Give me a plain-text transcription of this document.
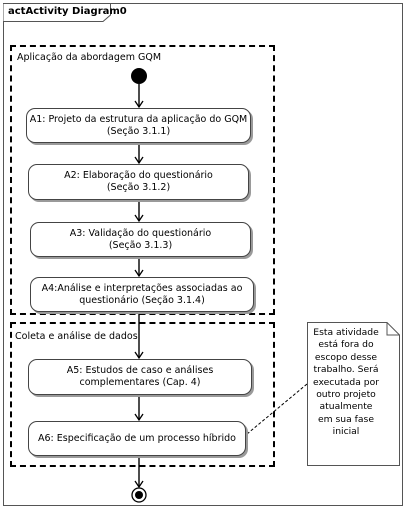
actActivity Diagram0
Aplicação da abordagem GQM
Coleta e análise de dados
A1: Projeto da estrutura da aplicação do GQM
(Seção 3.1.1)
A2: Elaboração do questionário
(Seção 3.1.2)
A3: Validação do questionário
(Seção 3.1.3)
A4:Análise e interpretações associadas ao
questionário (Seção 3.1.4)
A5: Estudos de caso e análises
complementares (Cap. 4)
A6: Especificação de um processo híbrido
Esta atividade
está fora do
escopo desse
trabalho. Será
executada por
outro projeto
atualmente
em sua fase
inicial
